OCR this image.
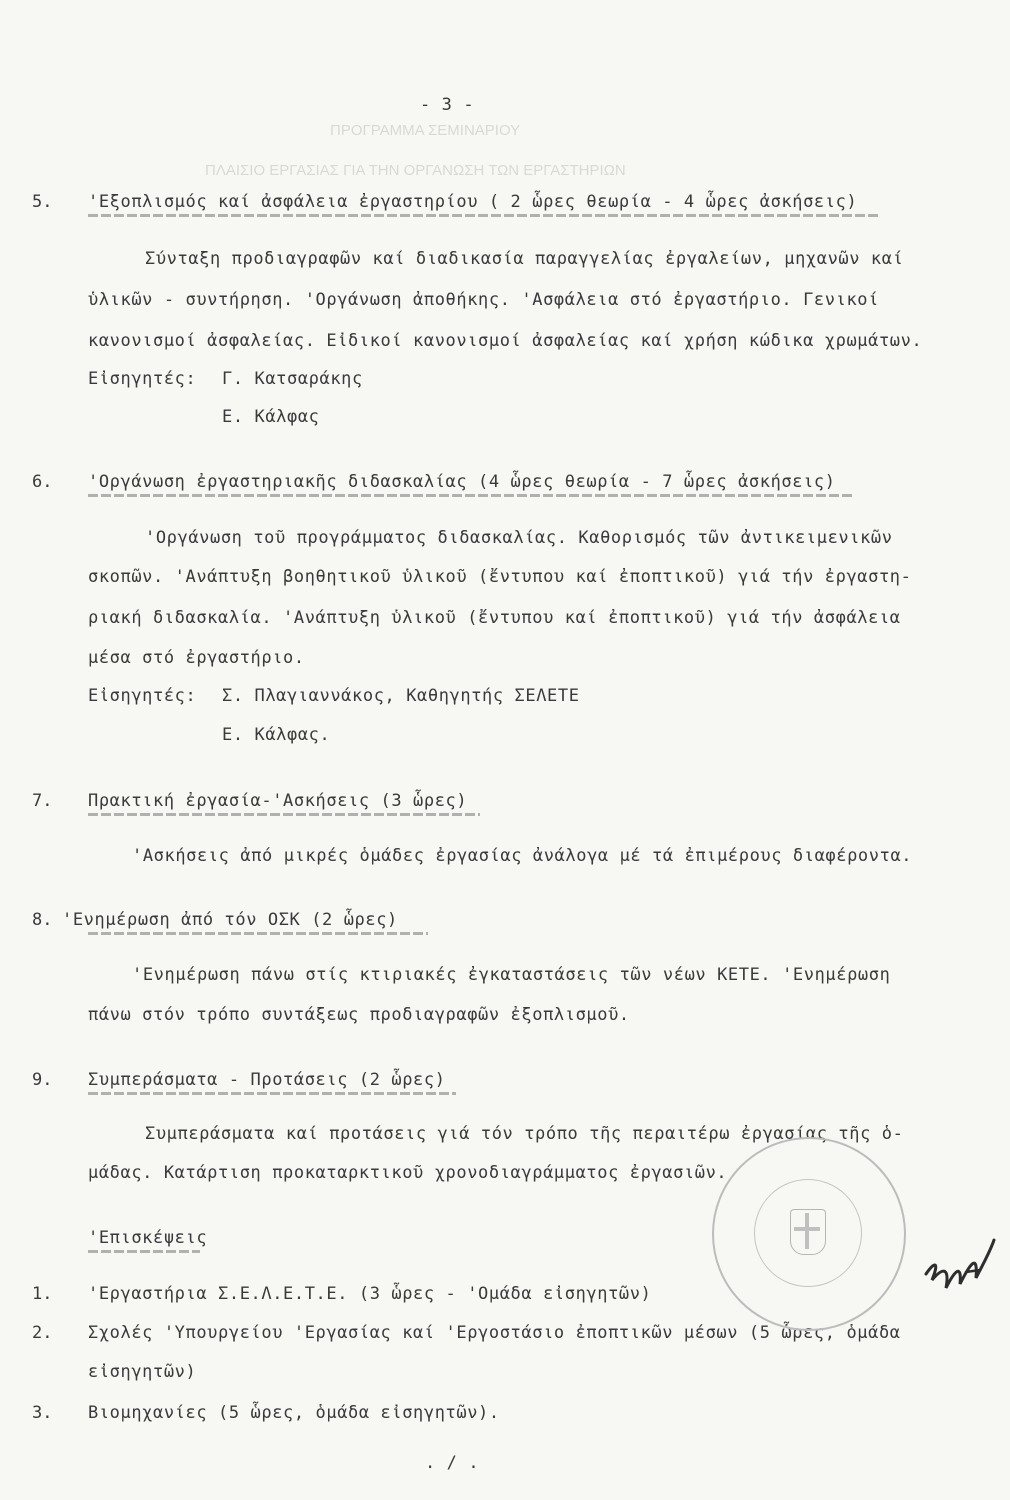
ΠΡΟΓΡΑΜΜΑ ΣΕΜΙΝΑΡΙΟΥ
ΠΛΑΙΣΙΟ ΕΡΓΑΣΙΑΣ ΓΙΑ ΤΗΝ ΟΡΓΑΝΩΣΗ ΤΩΝ ΕΡΓΑΣΤΗΡΙΩΝ
- 3 -
5. 'Εξοπλισμός καί ἀσφάλεια ἐργαστηρίου ( 2 ὧρες θεωρία - 4 ὧρες ἀσκήσεις)
Σύνταξη προδιαγραφῶν καί διαδικασία παραγγελίας ἐργαλείων, μηχανῶν καί
ὑλικῶν - συντήρηση. 'Οργάνωση ἀποθήκης. 'Ασφάλεια στό ἐργαστήριο. Γενικοί
κανονισμοί ἀσφαλείας. Εἰδικοί κανονισμοί ἀσφαλείας καί χρήση κώδικα χρωμάτων.
Εἰσηγητές: Γ. Κατσαράκης
Ε. Κάλφας
6. 'Οργάνωση ἐργαστηριακῆς διδασκαλίας (4 ὧρες θεωρία - 7 ὧρες ἀσκήσεις)
'Οργάνωση τοῦ προγράμματος διδασκαλίας. Καθορισμός τῶν ἀντικειμενικῶν
σκοπῶν. 'Ανάπτυξη βοηθητικοῦ ὑλικοῦ (ἔντυπου καί ἐποπτικοῦ) γιά τήν ἐργαστη-
ριακή διδασκαλία. 'Ανάπτυξη ὑλικοῦ (ἔντυπου καί ἐποπτικοῦ) γιά τήν ἀσφάλεια
μέσα στό ἐργαστήριο.
Εἰσηγητές: Σ. Πλαγιαννάκος, Καθηγητής ΣΕΛΕΤΕ
Ε. Κάλφας.
7. Πρακτική ἐργασία-'Ασκήσεις (3 ὧρες)
'Ασκήσεις ἀπό μικρές ὁμάδες ἐργασίας ἀνάλογα μέ τά ἐπιμέρους διαφέροντα.
8. 'Ενημέρωση ἀπό τόν ΟΣΚ (2 ὧρες)
'Ενημέρωση πάνω στίς κτιριακές ἐγκαταστάσεις τῶν νέων ΚΕΤΕ. 'Ενημέρωση
πάνω στόν τρόπο συντάξεως προδιαγραφῶν ἐξοπλισμοῦ.
9. Συμπεράσματα - Προτάσεις (2 ὧρες)
Συμπεράσματα καί προτάσεις γιά τόν τρόπο τῆς περαιτέρω ἐργασίας τῆς ὁ-
μάδας. Κατάρτιση προκαταρκτικοῦ χρονοδιαγράμματος ἐργασιῶν.
'Επισκέψεις
1. 'Εργαστήρια Σ.Ε.Λ.Ε.Τ.Ε. (3 ὧρες - 'Ομάδα εἰσηγητῶν)
2. Σχολές 'Υπουργείου 'Εργασίας καί 'Εργοστάσιο ἐποπτικῶν μέσων (5 ὧρες, ὁμάδα
εἰσηγητῶν)
3. Βιομηχανίες (5 ὧρες, ὁμάδα εἰσηγητῶν).
. / .
